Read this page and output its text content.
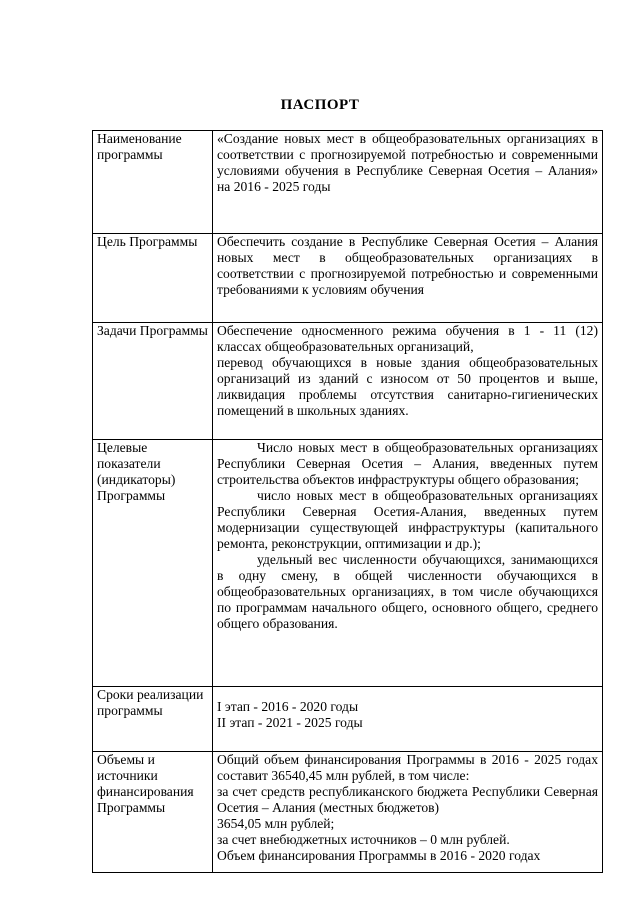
ПАСПОРТ
Наименование программы	«Создание новых мест в общеобразовательных организациях в соответствии с прогнозируемой потребностью и современными условиями обучения в Республике Северная Осетия – Алания» на 2016 - 2025 годы
Цель Программы	Обеспечить создание в Республике Северная Осетия – Алания новых мест в общеобразовательных организациях в соответствии с прогнозируемой потребностью и современными требованиями к условиям обучения
Задачи Программы	Обеспечение односменного режима обучения в 1 - 11 (12) классах общеобразовательных организаций,
перевод обучающихся в новые здания общеобразовательных организаций из зданий с износом от 50 процентов и выше, ликвидация проблемы отсутствия санитарно-гигиенических помещений в школьных зданиях.

Целевые показатели (индикаторы) Программы	Число новых мест в общеобразовательных организациях Республики Северная Осетия – Алания, введенных путем строительства объектов инфраструктуры общего образования;
число новых мест в общеобразовательных организациях Республики Северная Осетия-Алания, введенных путем модернизации существующей инфраструктуры (капитального ремонта, реконструкции, оптимизации и др.);
удельный вес численности обучающихся, занимающихся в одну смену, в общей численности обучающихся в общеобразовательных организациях, в том числе обучающихся по программам начального общего, основного общего, среднего общего образования.

Сроки реализации программы	I этап - 2016 - 2020 годы
II этап - 2021 - 2025 годы

Объемы и источники финансирования Программы	Общий объем финансирования Программы в 2016 - 2025 годах составит 36540,45 млн рублей, в том числе:
за счет средств республиканского бюджета Республики Северная Осетия – Алания (местных бюджетов)
3654,05 млн рублей;
за счет внебюджетных источников – 0 млн рублей.
Объем финансирования Программы в 2016 - 2020 годах
